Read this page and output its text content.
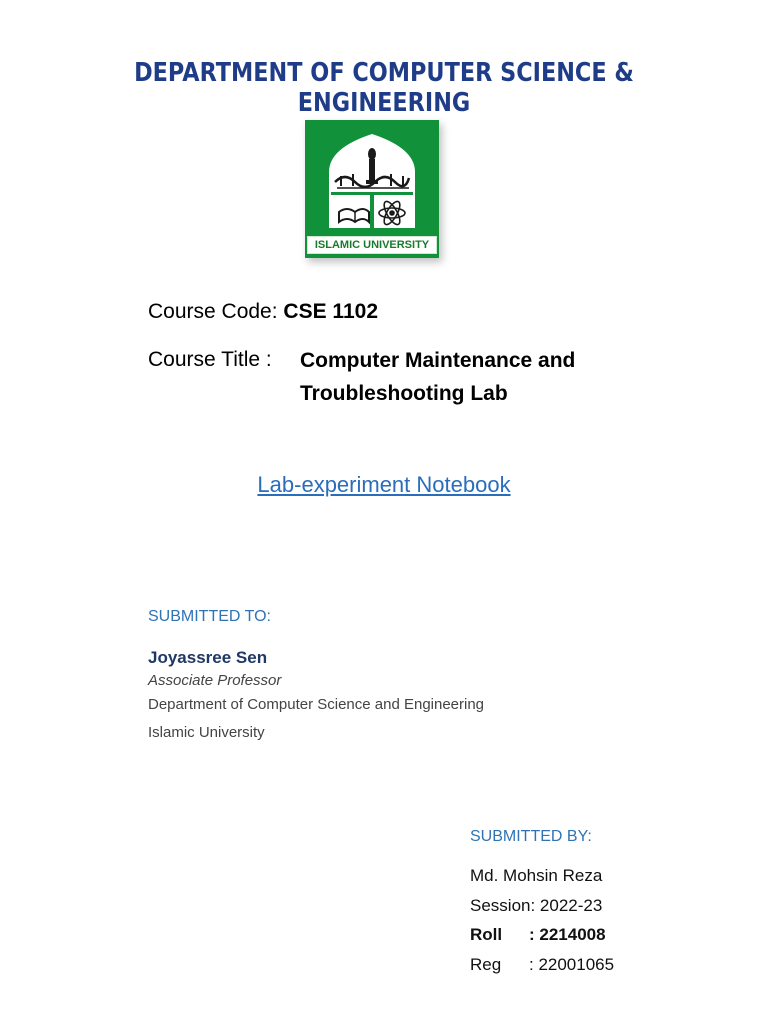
DEPARTMENT OF COMPUTER SCIENCE & ENGINEERING
ISLAMIC UNIVERSITY
Course Code: CSE 1102
Course Title : Computer Maintenance and
Troubleshooting Lab
Lab-experiment Notebook
SUBMITTED TO:
Joyassree Sen
Associate Professor
Department of Computer Science and Engineering
Islamic University
SUBMITTED BY:
Md. Mohsin Reza
Session: 2022-23
Roll : 2214008
Reg : 22001065
